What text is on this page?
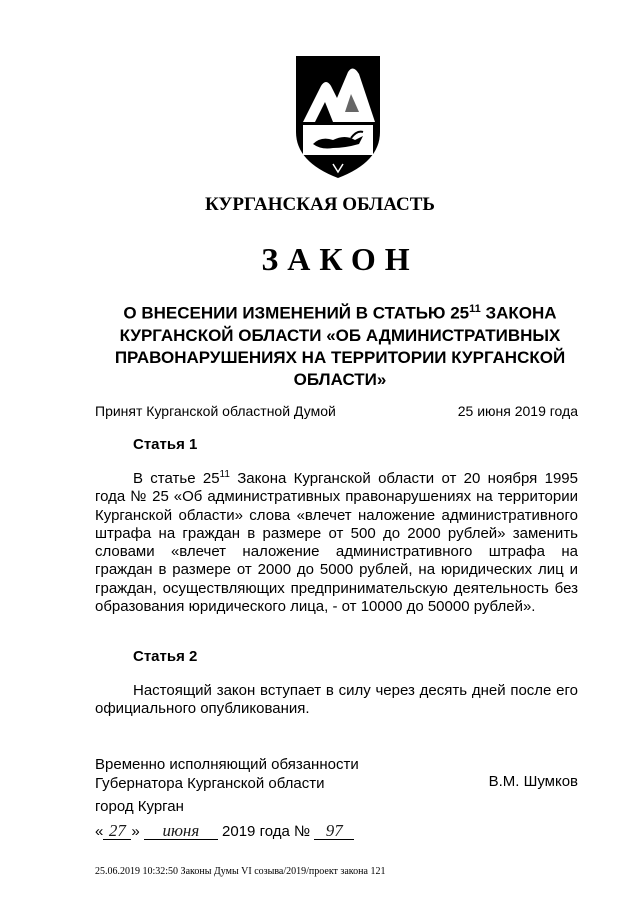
КУРГАНСКАЯ ОБЛАСТЬ
ЗАКОН
О ВНЕСЕНИИ ИЗМЕНЕНИЙ В СТАТЬЮ $25^{11}$ ЗАКОНА КУРГАНСКОЙ ОБЛАСТИ «ОБ АДМИНИСТРАТИВНЫХ ПРАВОНАРУШЕНИЯХ НА ТЕРРИТОРИИ КУРГАНСКОЙ ОБЛАСТИ»
Принят Курганской областной Думой	25 июня 2019 года
Статья 1
В статье $25^{11}$ Закона Курганской области от 20 ноября 1995 года № 25 «Об административных правонарушениях на территории Курганской области» слова «влечет наложение административного штрафа на граждан в размере от 500 до 2000 рублей» заменить словами «влечет наложение административного штрафа на граждан в размере от 2000 до 5000 рублей, на юридических лиц и граждан, осуществляющих предпринимательскую деятельность без образования юридического лица, - от 10000 до 50000 рублей».
Статья 2
Настоящий закон вступает в силу через десять дней после его официального опубликования.
Временно исполняющий обязанности
Губернатора Курганской области	В.М. Шумков
город Курган
« 27 » июня 2019 года № 97
25.06.2019 10:32:50 Законы Думы VI созыва/2019/проект закона 121
